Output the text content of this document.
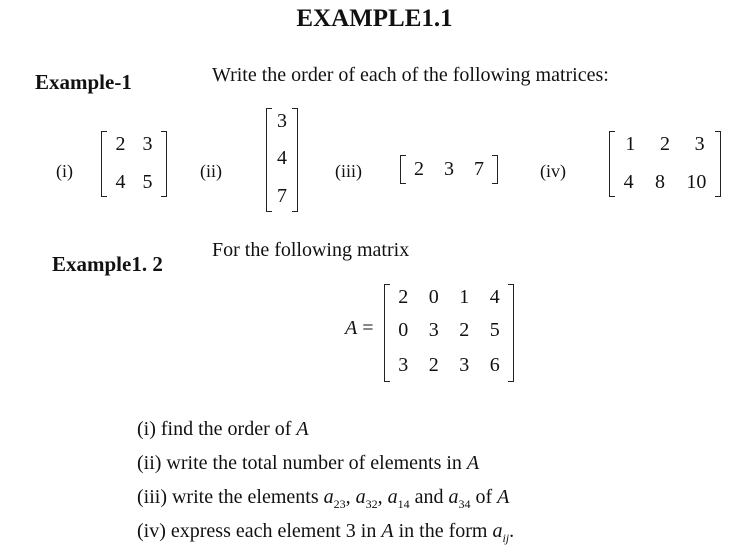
EXAMPLE1.1
Example-1	Write the order of each of the following matrices:
(i)
2 3
4 5	(ii)
3
4
7
(iii)	2 3 7	(iv)
1 2 3
4 8 10
Example1. 2
For the following matrix
A =
2 0 1 4
0 3 2 5
3 2 3 6
(i) find the order of A
(ii) write the total number of elements in A
(iii) write the elements $a_{23}$, $a_{32}$, $a_{14}$ and $a_{34}$ of A
(iv) express each element 3 in A in the form $a_{ij}$.
